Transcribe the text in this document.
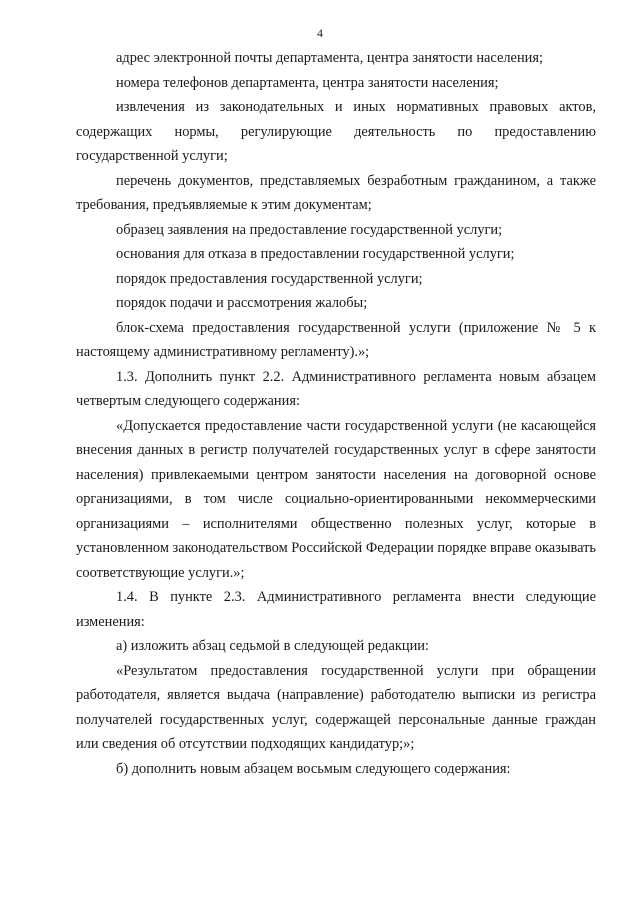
4

адрес электронной почты департамента, центра занятости населения;

номера телефонов департамента, центра занятости населения;

извлечения из законодательных и иных нормативных правовых актов, содержащих нормы, регулирующие деятельность по предоставлению государственной услуги;

перечень документов, представляемых безработным гражданином, а также требования, предъявляемые к этим документам;

образец заявления на предоставление государственной услуги;

основания для отказа в предоставлении государственной услуги;

порядок предоставления государственной услуги;

порядок подачи и рассмотрения жалобы;

блок-схема предоставления государственной услуги (приложение № 5 к настоящему административному регламенту).»;

1.3. Дополнить пункт 2.2. Административного регламента новым абзацем четвертым следующего содержания:

«Допускается предоставление части государственной услуги (не касающейся внесения данных в регистр получателей государственных услуг в сфере занятости населения) привлекаемыми центром занятости населения на договорной основе организациями, в том числе социально-ориентированными некоммерческими организациями – исполнителями общественно полезных услуг, которые в установленном законодательством Российской Федерации порядке вправе оказывать соответствующие услуги.»;

1.4. В пункте 2.3. Административного регламента внести следующие изменения:

а) изложить абзац седьмой в следующей редакции:

«Результатом предоставления государственной услуги при обращении работодателя, является выдача (направление) работодателю выписки из регистра получателей государственных услуг, содержащей персональные данные граждан или сведения об отсутствии подходящих кандидатур;»;

б) дополнить новым абзацем восьмым следующего содержания:
